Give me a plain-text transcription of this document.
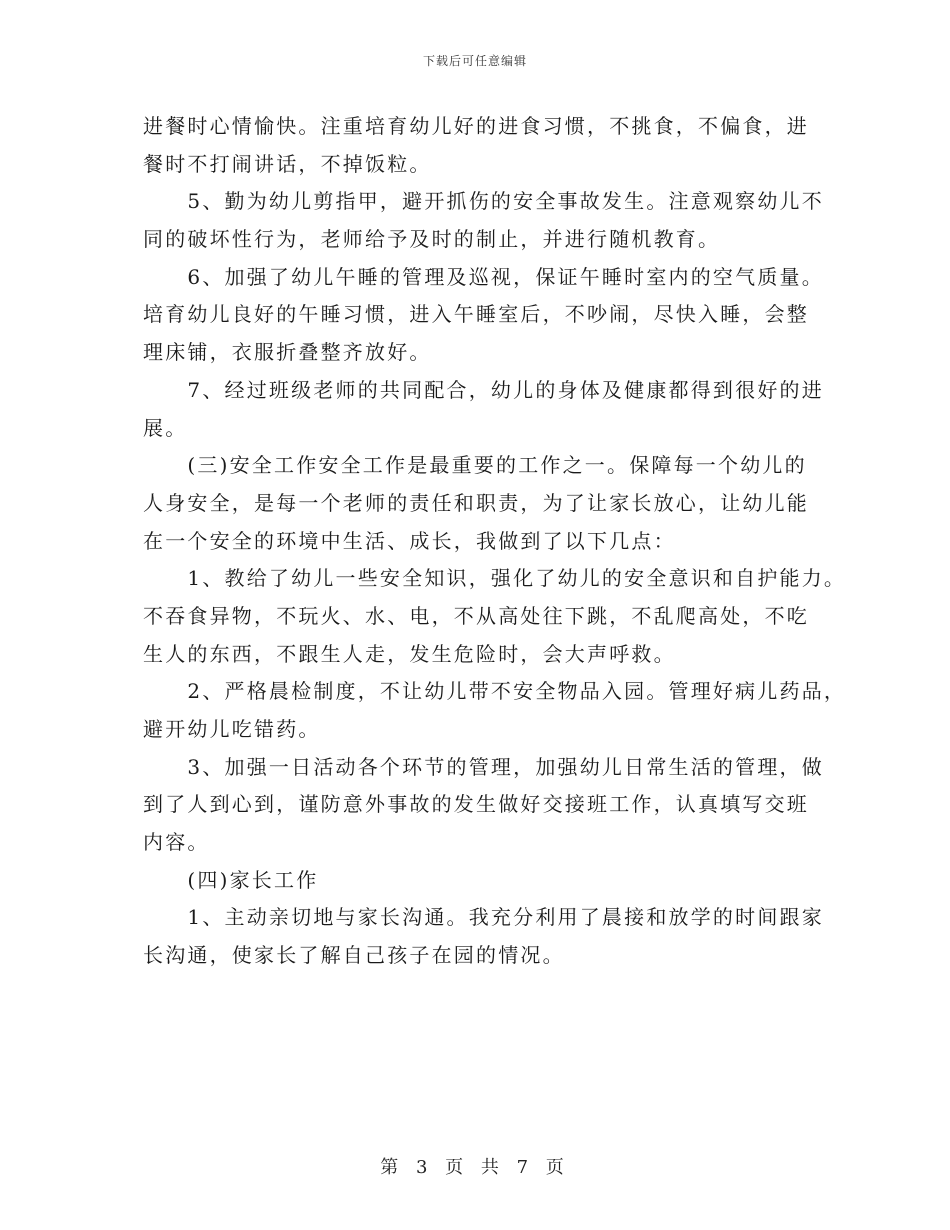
下载后可任意编辑
进餐时心情愉快。注重培育幼儿好的进食习惯，不挑食，不偏食，进
餐时不打闹讲话，不掉饭粒。
　　5、勤为幼儿剪指甲，避开抓伤的安全事故发生。注意观察幼儿不
同的破坏性行为，老师给予及时的制止，并进行随机教育。
　　6、加强了幼儿午睡的管理及巡视，保证午睡时室内的空气质量。
培育幼儿良好的午睡习惯，进入午睡室后，不吵闹，尽快入睡，会整
理床铺，衣服折叠整齐放好。
　　7、经过班级老师的共同配合，幼儿的身体及健康都得到很好的进
展。
　　(三)安全工作安全工作是最重要的工作之一。保障每一个幼儿的
人身安全，是每一个老师的责任和职责，为了让家长放心，让幼儿能
在一个安全的环境中生活、成长，我做到了以下几点：
　　1、教给了幼儿一些安全知识，强化了幼儿的安全意识和自护能力。
不吞食异物，不玩火、水、电，不从高处往下跳，不乱爬高处，不吃
生人的东西，不跟生人走，发生危险时，会大声呼救。
　　2、严格晨检制度，不让幼儿带不安全物品入园。管理好病儿药品，
避开幼儿吃错药。
　　3、加强一日活动各个环节的管理，加强幼儿日常生活的管理，做
到了人到心到，谨防意外事故的发生做好交接班工作，认真填写交班
内容。
　　(四)家长工作
　　1、主动亲切地与家长沟通。我充分利用了晨接和放学的时间跟家
长沟通，使家长了解自己孩子在园的情况。
第 3 页 共 7 页
